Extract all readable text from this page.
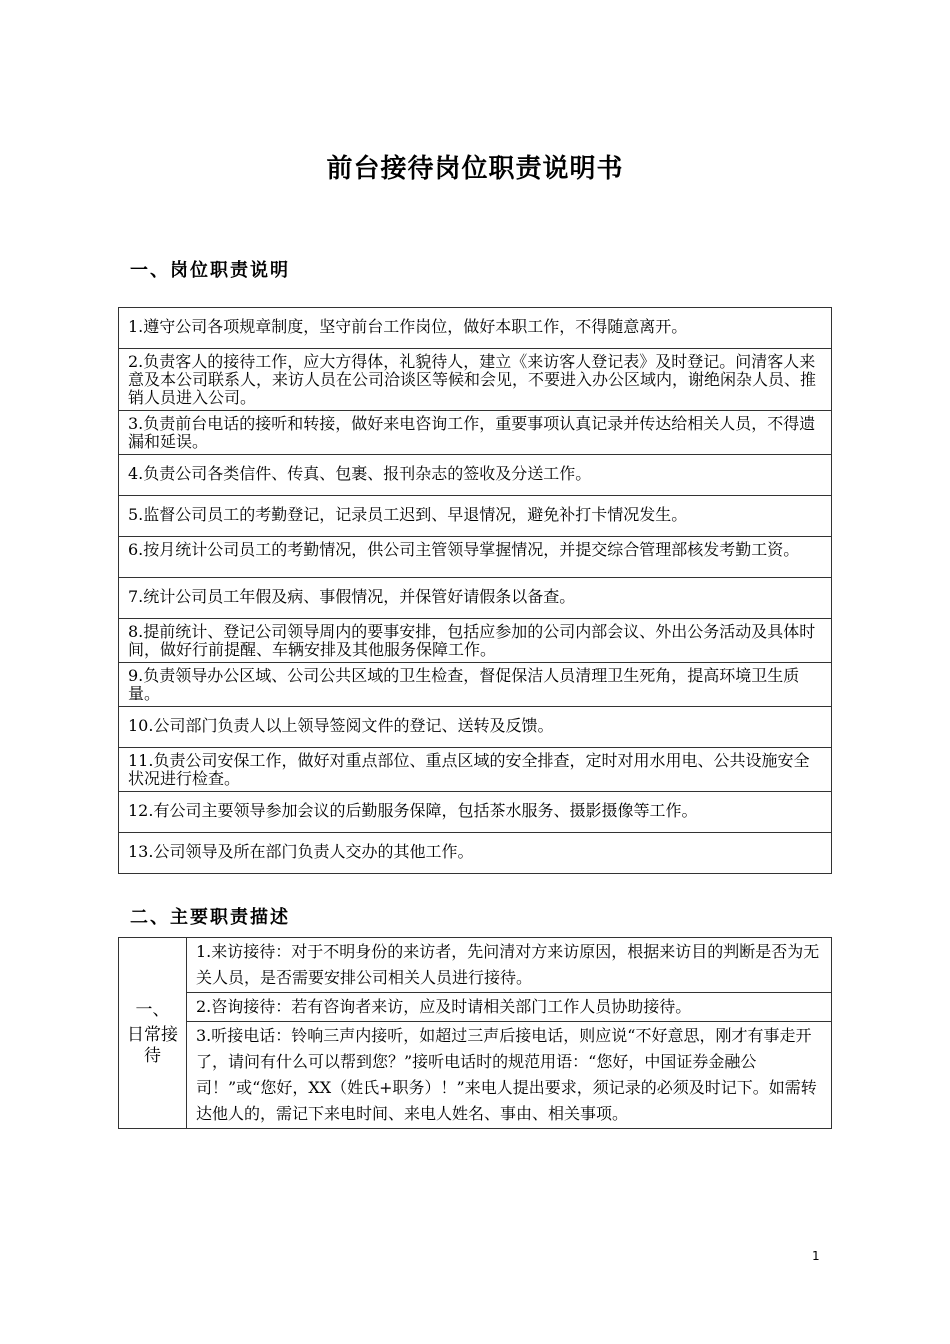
前台接待岗位职责说明书
一、岗位职责说明
1.遵守公司各项规章制度，坚守前台工作岗位，做好本职工作，不得随意离开。
2.负责客人的接待工作，应大方得体，礼貌待人，建立《来访客人登记表》及时登记。问清客人来意及本公司联系人，来访人员在公司洽谈区等候和会见，不要进入办公区域内，谢绝闲杂人员、推销人员进入公司。
3.负责前台电话的接听和转接，做好来电咨询工作，重要事项认真记录并传达给相关人员，不得遗漏和延误。
4.负责公司各类信件、传真、包裹、报刊杂志的签收及分送工作。
5.监督公司员工的考勤登记，记录员工迟到、早退情况，避免补打卡情况发生。
6.按月统计公司员工的考勤情况，供公司主管领导掌握情况，并提交综合管理部核发考勤工资。
7.统计公司员工年假及病、事假情况，并保管好请假条以备查。
8.提前统计、登记公司领导周内的要事安排，包括应参加的公司内部会议、外出公务活动及具体时间，做好行前提醒、车辆安排及其他服务保障工作。
9.负责领导办公区域、公司公共区域的卫生检查，督促保洁人员清理卫生死角，提高环境卫生质量。
10.公司部门负责人以上领导签阅文件的登记、送转及反馈。
11.负责公司安保工作，做好对重点部位、重点区域的安全排查，定时对用水用电、公共设施安全状况进行检查。
12.有公司主要领导参加会议的后勤服务保障，包括茶水服务、摄影摄像等工作。
13.公司领导及所在部门负责人交办的其他工作。
二、主要职责描述
一、
日常接待
	1.来访接待：对于不明身份的来访者，先问清对方来访原因，根据来访目的判断是否为无关人员，是否需要安排公司相关人员进行接待。
2.咨询接待：若有咨询者来访，应及时请相关部门工作人员协助接待。
3.听接电话：铃响三声内接听，如超过三声后接电话，则应说“不好意思，刚才有事走开了，请问有什么可以帮到您？”接听电话时的规范用语：“您好，中国证券金融公司！”或“您好，XX（姓氏+职务）！”来电人提出要求，须记录的必须及时记下。如需转达他人的，需记下来电时间、来电人姓名、事由、相关事项。
1
